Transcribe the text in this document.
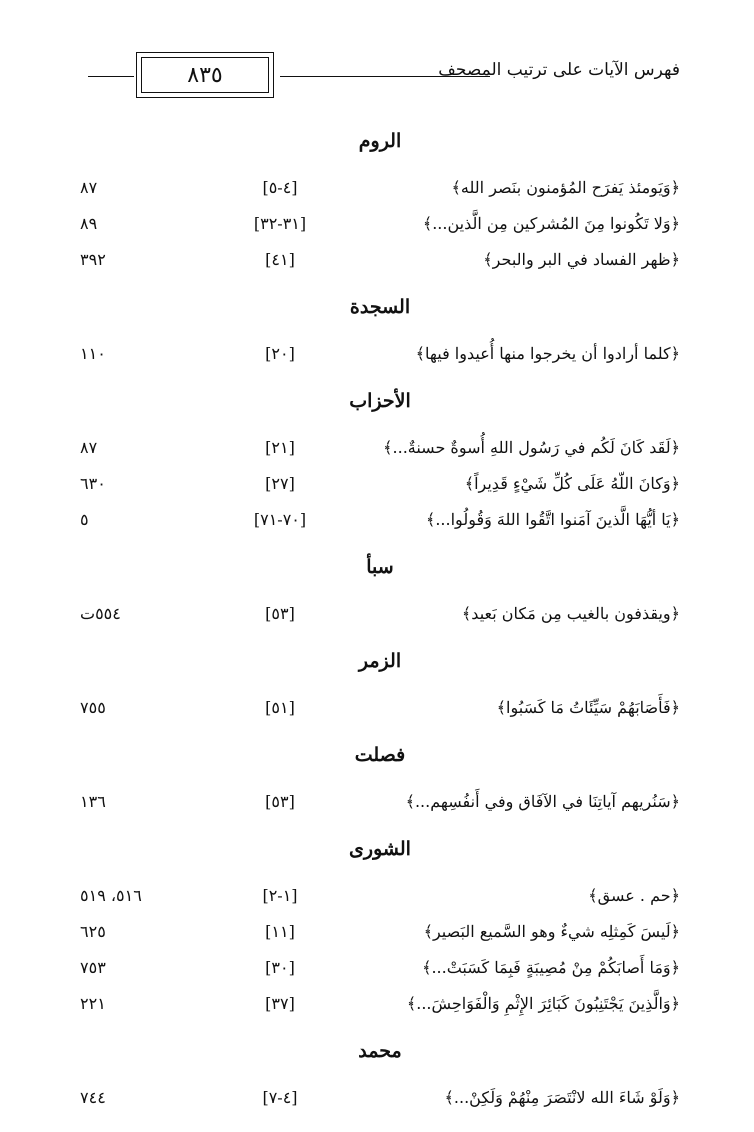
٨٣٥	فهرس الآيات على ترتيب المصحف
الروم
﴿وَيَومئذ يَفرَح المُؤمنون بنَصر الله﴾
[٤-٥]
٨٧
﴿وَلا تَكُونوا مِنَ المُشركين مِن الَّذين...﴾
[٣١-٣٢]
٨٩
﴿ظهر الفساد في البر والبحر﴾
[٤١]
٣٩٢
السجدة
﴿كلما أرادوا أن يخرجوا منها أُعيدوا فيها﴾
[٢٠]
١١٠
الأحزاب
﴿لَقَد كَانَ لَكُم في رَسُول اللهِ أُسوةٌ حسنةٌ...﴾
[٢١]
٨٧
﴿وَكانَ اللّهُ عَلَى كُلِّ شَيْءٍ قَدِيراً﴾
[٢٧]
٦٣٠
﴿يَا أيُّهَا الَّذينَ آمَنوا اتَّقُوا اللهَ وَقُولُوا...﴾
[٧٠-٧١]
٥
سبأ
﴿ويقذفون بالغيب مِن مَكان بَعيد﴾
[٥٣]
٥٥٤ت
الزمر
﴿فَأَصَابَهُمْ سَيِّئَاتُ مَا كَسَبُوا﴾
[٥١]
٧٥٥
فصلت
﴿سَنُريهم آياتِنَا في الآفَاق وفي أَنفُسِهم...﴾
[٥٣]
١٣٦
الشورى
﴿حم . عسق﴾
[١-٢]
٥١٦، ٥١٩
﴿لَيسَ كَمِثلِه شيءٌ وهو السَّميع البَصير﴾
[١١]
٦٢٥
﴿وَمَا أَصابَكُمْ مِنْ مُصِيبَةٍ فَبِمَا كَسَبَتْ...﴾
[٣٠]
٧٥٣
﴿وَالَّذِينَ يَجْتَنِبُونَ كَبَائِرَ الإِثْمِ وَالْفَوَاحِشَ...﴾
[٣٧]
٢٢١
محمد
﴿وَلَوْ شَاءَ الله لانْتَصَرَ مِنْهُمْ وَلَكِنْ...﴾
[٤-٧]
٧٤٤
